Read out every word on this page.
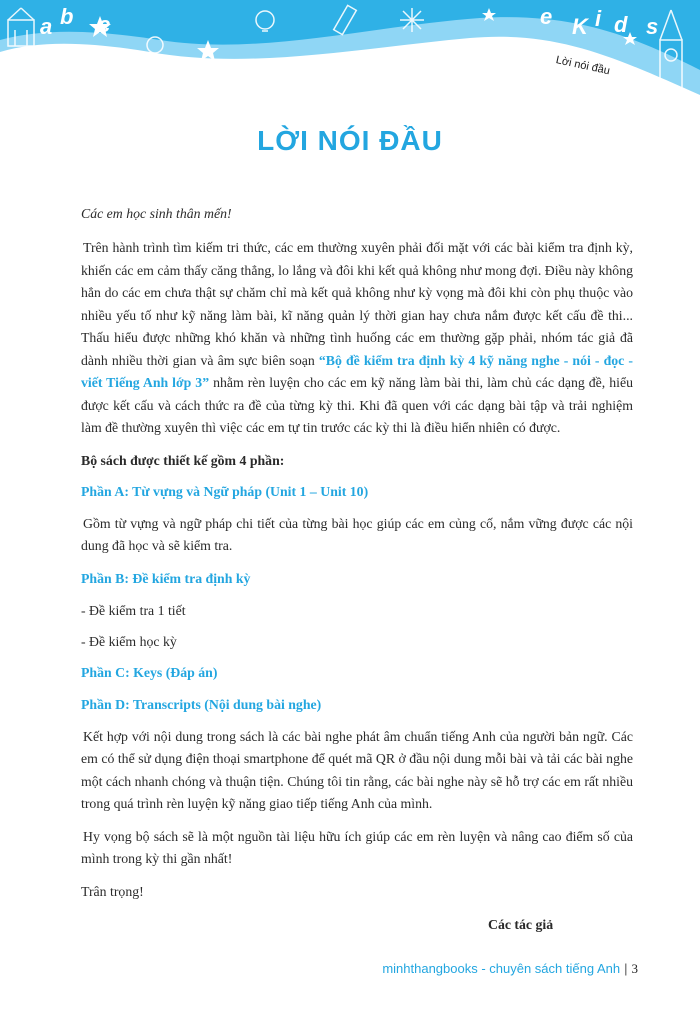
a b c	e K i d s
Lời nói đầu
LỜI NÓI ĐẦU

Các em học sinh thân mến!

Trên hành trình tìm kiếm tri thức, các em thường xuyên phải đối mặt với các bài kiểm tra định kỳ, khiến các em cảm thấy căng thẳng, lo lắng và đôi khi kết quả không như mong đợi. Điều này không hẳn do các em chưa thật sự chăm chỉ mà kết quả không như kỳ vọng mà đôi khi còn phụ thuộc vào nhiều yếu tố như kỹ năng làm bài, kĩ năng quản lý thời gian hay chưa nắm được kết cấu đề thi... Thấu hiểu được những khó khăn và những tình huống các em thường gặp phải, nhóm tác giả đã dành nhiều thời gian và âm sực biên soạn “Bộ đề kiểm tra định kỳ 4 kỹ năng nghe - nói - đọc - viết Tiếng Anh lớp 3” nhằm rèn luyện cho các em kỹ năng làm bài thi, làm chủ các dạng đề, hiểu được kết cấu và cách thức ra đề của từng kỳ thi. Khi đã quen với các dạng bài tập và trải nghiệm làm đề thường xuyên thì việc các em tự tin trước các kỳ thi là điều hiển nhiên có được.

Bộ sách được thiết kế gồm 4 phần:

Phần A: Từ vựng và Ngữ pháp (Unit 1 – Unit 10)

Gồm từ vựng và ngữ pháp chi tiết của từng bài học giúp các em củng cố, nắm vững được các nội dung đã học và sẽ kiểm tra.

Phần B: Đề kiểm tra định kỳ

- Đề kiểm tra 1 tiết

- Đề kiểm học kỳ

Phần C: Keys (Đáp án)

Phần D: Transcripts (Nội dung bài nghe)

Kết hợp với nội dung trong sách là các bài nghe phát âm chuẩn tiếng Anh của người bản ngữ. Các em có thể sử dụng điện thoại smartphone để quét mã QR ở đầu nội dung mỗi bài và tải các bài nghe một cách nhanh chóng và thuận tiện. Chúng tôi tin rằng, các bài nghe này sẽ hỗ trợ các em rất nhiều trong quá trình rèn luyện kỹ năng giao tiếp tiếng Anh của mình.

Hy vọng bộ sách sẽ là một nguồn tài liệu hữu ích giúp các em rèn luyện và nâng cao điểm số của mình trong kỳ thi gần nhất!

Trân trọng!

Các tác giả
minhthangbooks - chuyên sách tiếng Anh | 3
